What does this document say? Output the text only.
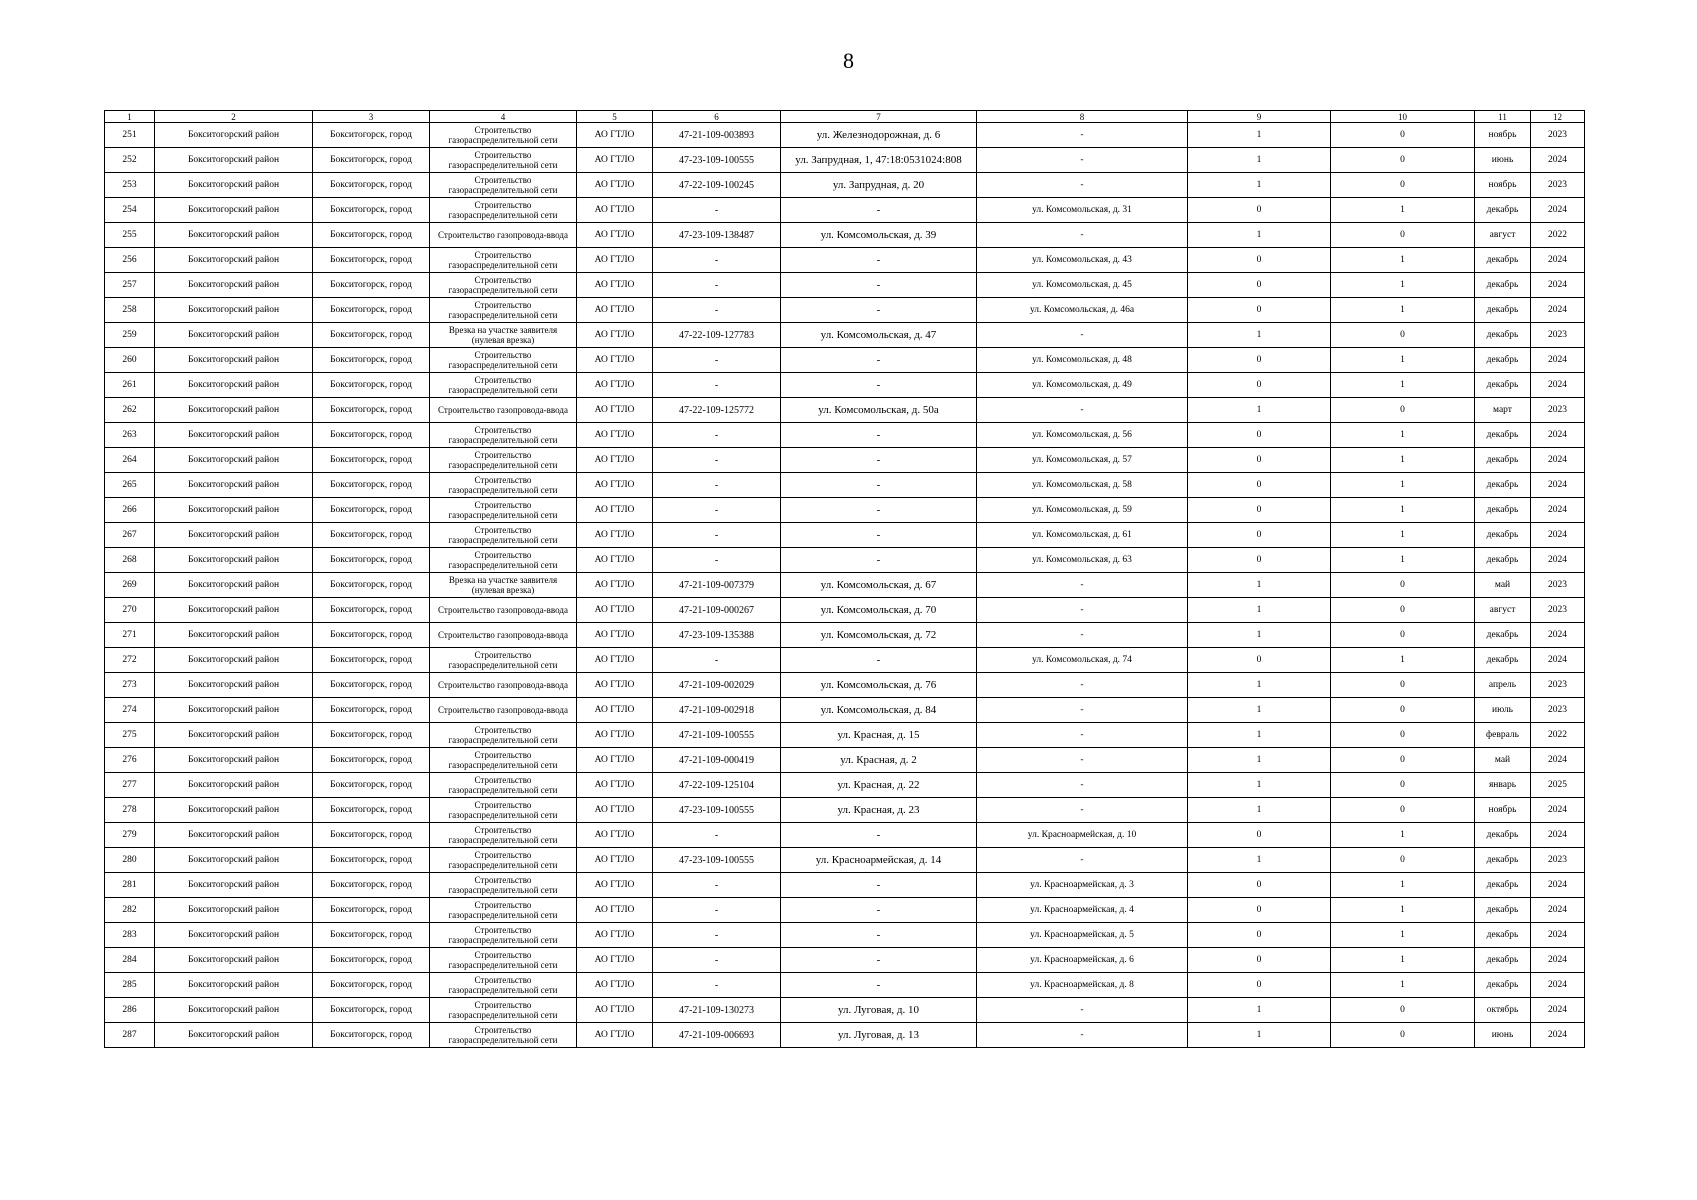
8
1	2	3	4	5	6	7	8	9	10	11	12
251	Бокситогорский район	Бокситогорск, город	Строительство газораспределительной сети	АО ГТЛО	47-21-109-003893	ул. Железнодорожная, д. 6	-	1	0	ноябрь	2023
252	Бокситогорский район	Бокситогорск, город	Строительство газораспределительной сети	АО ГТЛО	47-23-109-100555	ул. Запрудная, 1, 47:18:0531024:808	-	1	0	июнь	2024
253	Бокситогорский район	Бокситогорск, город	Строительство газораспределительной сети	АО ГТЛО	47-22-109-100245	ул. Запрудная, д. 20	-	1	0	ноябрь	2023
254	Бокситогорский район	Бокситогорск, город	Строительство газораспределительной сети	АО ГТЛО	-	-	ул. Комсомольская, д. 31	0	1	декабрь	2024
255	Бокситогорский район	Бокситогорск, город	Строительство газопровода-ввода	АО ГТЛО	47-23-109-138487	ул. Комсомольская, д. 39	-	1	0	август	2022
256	Бокситогорский район	Бокситогорск, город	Строительство газораспределительной сети	АО ГТЛО	-	-	ул. Комсомольская, д. 43	0	1	декабрь	2024
257	Бокситогорский район	Бокситогорск, город	Строительство газораспределительной сети	АО ГТЛО	-	-	ул. Комсомольская, д. 45	0	1	декабрь	2024
258	Бокситогорский район	Бокситогорск, город	Строительство газораспределительной сети	АО ГТЛО	-	-	ул. Комсомольская, д. 46а	0	1	декабрь	2024
259	Бокситогорский район	Бокситогорск, город	Врезка на участке заявителя (нулевая врезка)	АО ГТЛО	47-22-109-127783	ул. Комсомольская, д. 47	-	1	0	декабрь	2023
260	Бокситогорский район	Бокситогорск, город	Строительство газораспределительной сети	АО ГТЛО	-	-	ул. Комсомольская, д. 48	0	1	декабрь	2024
261	Бокситогорский район	Бокситогорск, город	Строительство газораспределительной сети	АО ГТЛО	-	-	ул. Комсомольская, д. 49	0	1	декабрь	2024
262	Бокситогорский район	Бокситогорск, город	Строительство газопровода-ввода	АО ГТЛО	47-22-109-125772	ул. Комсомольская, д. 50а	-	1	0	март	2023
263	Бокситогорский район	Бокситогорск, город	Строительство газораспределительной сети	АО ГТЛО	-	-	ул. Комсомольская, д. 56	0	1	декабрь	2024
264	Бокситогорский район	Бокситогорск, город	Строительство газораспределительной сети	АО ГТЛО	-	-	ул. Комсомольская, д. 57	0	1	декабрь	2024
265	Бокситогорский район	Бокситогорск, город	Строительство газораспределительной сети	АО ГТЛО	-	-	ул. Комсомольская, д. 58	0	1	декабрь	2024
266	Бокситогорский район	Бокситогорск, город	Строительство газораспределительной сети	АО ГТЛО	-	-	ул. Комсомольская, д. 59	0	1	декабрь	2024
267	Бокситогорский район	Бокситогорск, город	Строительство газораспределительной сети	АО ГТЛО	-	-	ул. Комсомольская, д. 61	0	1	декабрь	2024
268	Бокситогорский район	Бокситогорск, город	Строительство газораспределительной сети	АО ГТЛО	-	-	ул. Комсомольская, д. 63	0	1	декабрь	2024
269	Бокситогорский район	Бокситогорск, город	Врезка на участке заявителя (нулевая врезка)	АО ГТЛО	47-21-109-007379	ул. Комсомольская, д. 67	-	1	0	май	2023
270	Бокситогорский район	Бокситогорск, город	Строительство газопровода-ввода	АО ГТЛО	47-21-109-000267	ул. Комсомольская, д. 70	-	1	0	август	2023
271	Бокситогорский район	Бокситогорск, город	Строительство газопровода-ввода	АО ГТЛО	47-23-109-135388	ул. Комсомольская, д. 72	-	1	0	декабрь	2024
272	Бокситогорский район	Бокситогорск, город	Строительство газораспределительной сети	АО ГТЛО	-	-	ул. Комсомольская, д. 74	0	1	декабрь	2024
273	Бокситогорский район	Бокситогорск, город	Строительство газопровода-ввода	АО ГТЛО	47-21-109-002029	ул. Комсомольская, д. 76	-	1	0	апрель	2023
274	Бокситогорский район	Бокситогорск, город	Строительство газопровода-ввода	АО ГТЛО	47-21-109-002918	ул. Комсомольская, д. 84	-	1	0	июль	2023
275	Бокситогорский район	Бокситогорск, город	Строительство газораспределительной сети	АО ГТЛО	47-21-109-100555	ул. Красная, д. 15	-	1	0	февраль	2022
276	Бокситогорский район	Бокситогорск, город	Строительство газораспределительной сети	АО ГТЛО	47-21-109-000419	ул. Красная, д. 2	-	1	0	май	2024
277	Бокситогорский район	Бокситогорск, город	Строительство газораспределительной сети	АО ГТЛО	47-22-109-125104	ул. Красная, д. 22	-	1	0	январь	2025
278	Бокситогорский район	Бокситогорск, город	Строительство газораспределительной сети	АО ГТЛО	47-23-109-100555	ул. Красная, д. 23	-	1	0	ноябрь	2024
279	Бокситогорский район	Бокситогорск, город	Строительство газораспределительной сети	АО ГТЛО	-	-	ул. Красноармейская, д. 10	0	1	декабрь	2024
280	Бокситогорский район	Бокситогорск, город	Строительство газораспределительной сети	АО ГТЛО	47-23-109-100555	ул. Красноармейская, д. 14	-	1	0	декабрь	2023
281	Бокситогорский район	Бокситогорск, город	Строительство газораспределительной сети	АО ГТЛО	-	-	ул. Красноармейская, д. 3	0	1	декабрь	2024
282	Бокситогорский район	Бокситогорск, город	Строительство газораспределительной сети	АО ГТЛО	-	-	ул. Красноармейская, д. 4	0	1	декабрь	2024
283	Бокситогорский район	Бокситогорск, город	Строительство газораспределительной сети	АО ГТЛО	-	-	ул. Красноармейская, д. 5	0	1	декабрь	2024
284	Бокситогорский район	Бокситогорск, город	Строительство газораспределительной сети	АО ГТЛО	-	-	ул. Красноармейская, д. 6	0	1	декабрь	2024
285	Бокситогорский район	Бокситогорск, город	Строительство газораспределительной сети	АО ГТЛО	-	-	ул. Красноармейская, д. 8	0	1	декабрь	2024
286	Бокситогорский район	Бокситогорск, город	Строительство газораспределительной сети	АО ГТЛО	47-21-109-130273	ул. Луговая, д. 10	-	1	0	октябрь	2024
287	Бокситогорский район	Бокситогорск, город	Строительство газораспределительной сети	АО ГТЛО	47-21-109-006693	ул. Луговая, д. 13	-	1	0	июнь	2024
